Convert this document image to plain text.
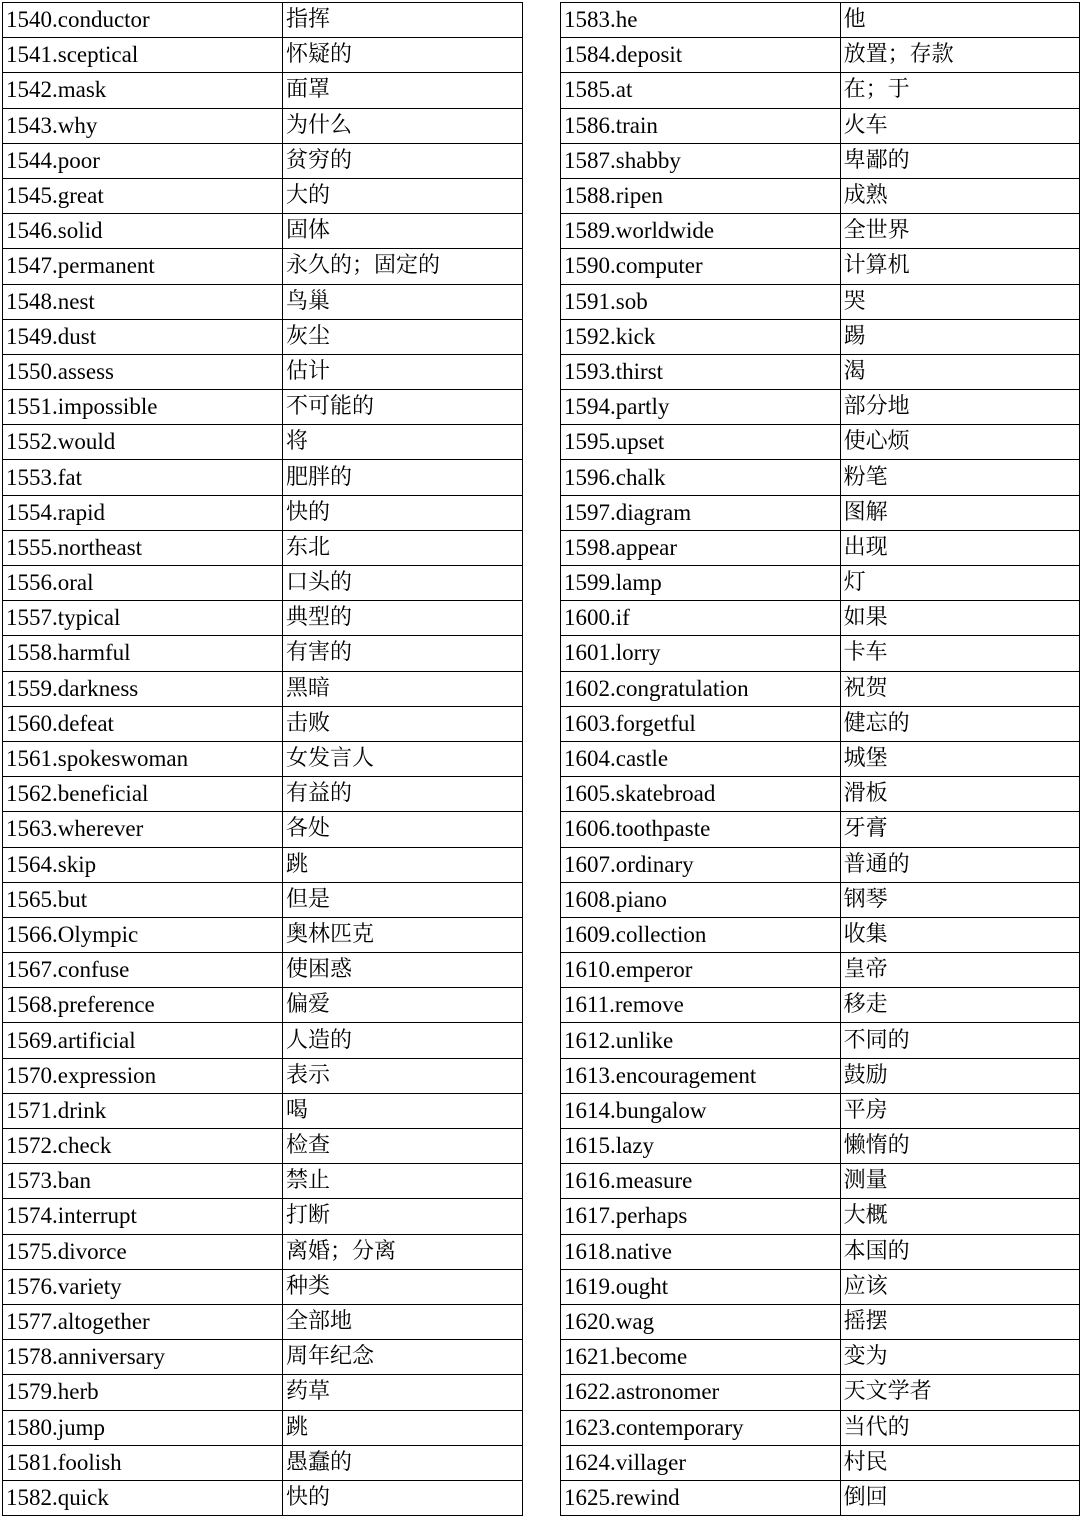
1540.conductor	指挥
1541.sceptical	怀疑的
1542.mask	面罩
1543.why	为什么
1544.poor	贫穷的
1545.great	大的
1546.solid	固体
1547.permanent	永久的；固定的
1548.nest	鸟巢
1549.dust	灰尘
1550.assess	估计
1551.impossible	不可能的
1552.would	将
1553.fat	肥胖的
1554.rapid	快的
1555.northeast	东北
1556.oral	口头的
1557.typical	典型的
1558.harmful	有害的
1559.darkness	黑暗
1560.defeat	击败
1561.spokeswoman	女发言人
1562.beneficial	有益的
1563.wherever	各处
1564.skip	跳
1565.but	但是
1566.Olympic	奥林匹克
1567.confuse	使困惑
1568.preference	偏爱
1569.artificial	人造的
1570.expression	表示
1571.drink	喝
1572.check	检查
1573.ban	禁止
1574.interrupt	打断
1575.divorce	离婚；分离
1576.variety	种类
1577.altogether	全部地
1578.anniversary	周年纪念
1579.herb	药草
1580.jump	跳
1581.foolish	愚蠢的
1582.quick	快的
1583.he	他
1584.deposit	放置；存款
1585.at	在；于
1586.train	火车
1587.shabby	卑鄙的
1588.ripen	成熟
1589.worldwide	全世界
1590.computer	计算机
1591.sob	哭
1592.kick	踢
1593.thirst	渴
1594.partly	部分地
1595.upset	使心烦
1596.chalk	粉笔
1597.diagram	图解
1598.appear	出现
1599.lamp	灯
1600.if	如果
1601.lorry	卡车
1602.congratulation	祝贺
1603.forgetful	健忘的
1604.castle	城堡
1605.skatebroad	滑板
1606.toothpaste	牙膏
1607.ordinary	普通的
1608.piano	钢琴
1609.collection	收集
1610.emperor	皇帝
1611.remove	移走
1612.unlike	不同的
1613.encouragement	鼓励
1614.bungalow	平房
1615.lazy	懒惰的
1616.measure	测量
1617.perhaps	大概
1618.native	本国的
1619.ought	应该
1620.wag	摇摆
1621.become	变为
1622.astronomer	天文学者
1623.contemporary	当代的
1624.villager	村民
1625.rewind	倒回
